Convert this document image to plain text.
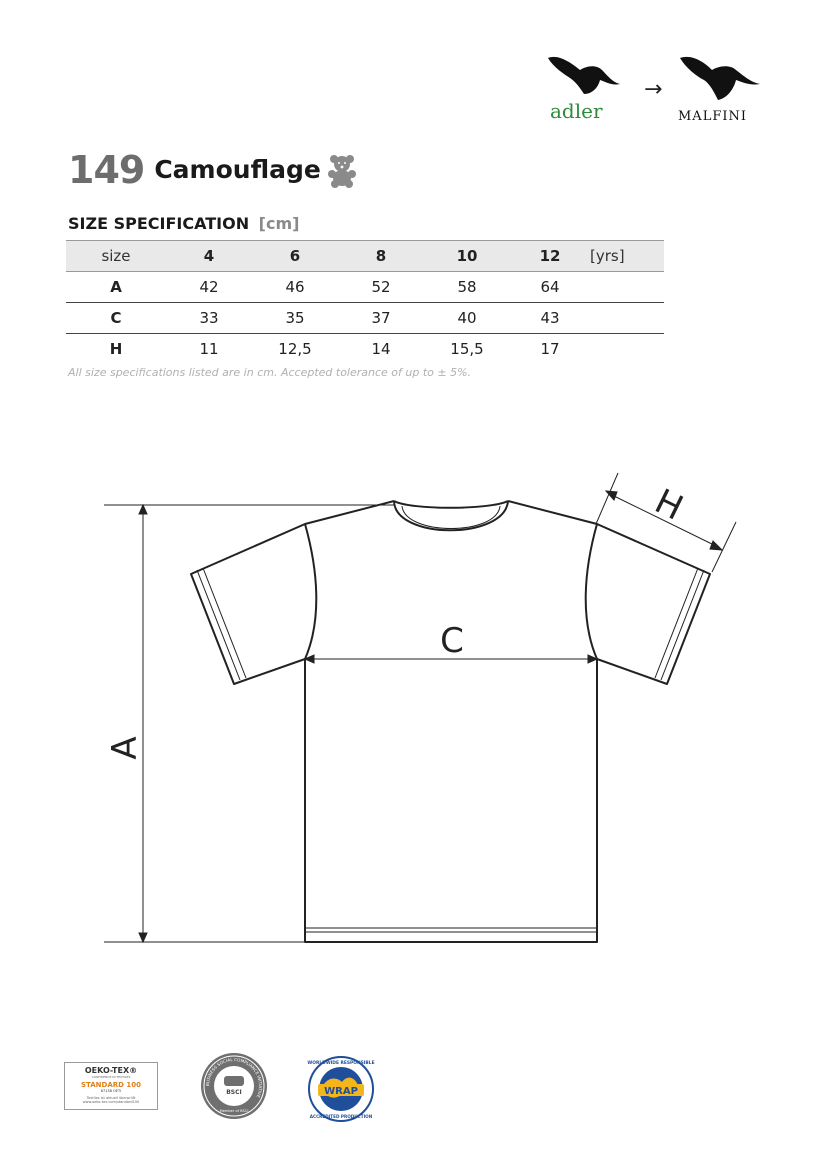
adler
→
MALFINI
149 Camouflage
SIZE SPECIFICATION [cm]
size	4	6	8	10	12	[yrs]
A	42	46	52	58	64	
C	33	35	37	40	43	
H	11	12,5	14	15,5	17	
All size specifications listed are in cm. Accepted tolerance of up to ± 5%.
A
C
H
OEKO-TEX®
CONFIDENCE IN TEXTILES
STANDARD 100
67158 OETI
Textiles ist aktuell überprüft
www.oeko-tex.com/standard100
BUSINESS SOCIAL COMPLIANCE INITIATIVE
BSCI
Member of BSCI
WRAP
WORLDWIDE RESPONSIBLE
ACCREDITED PRODUCTION
